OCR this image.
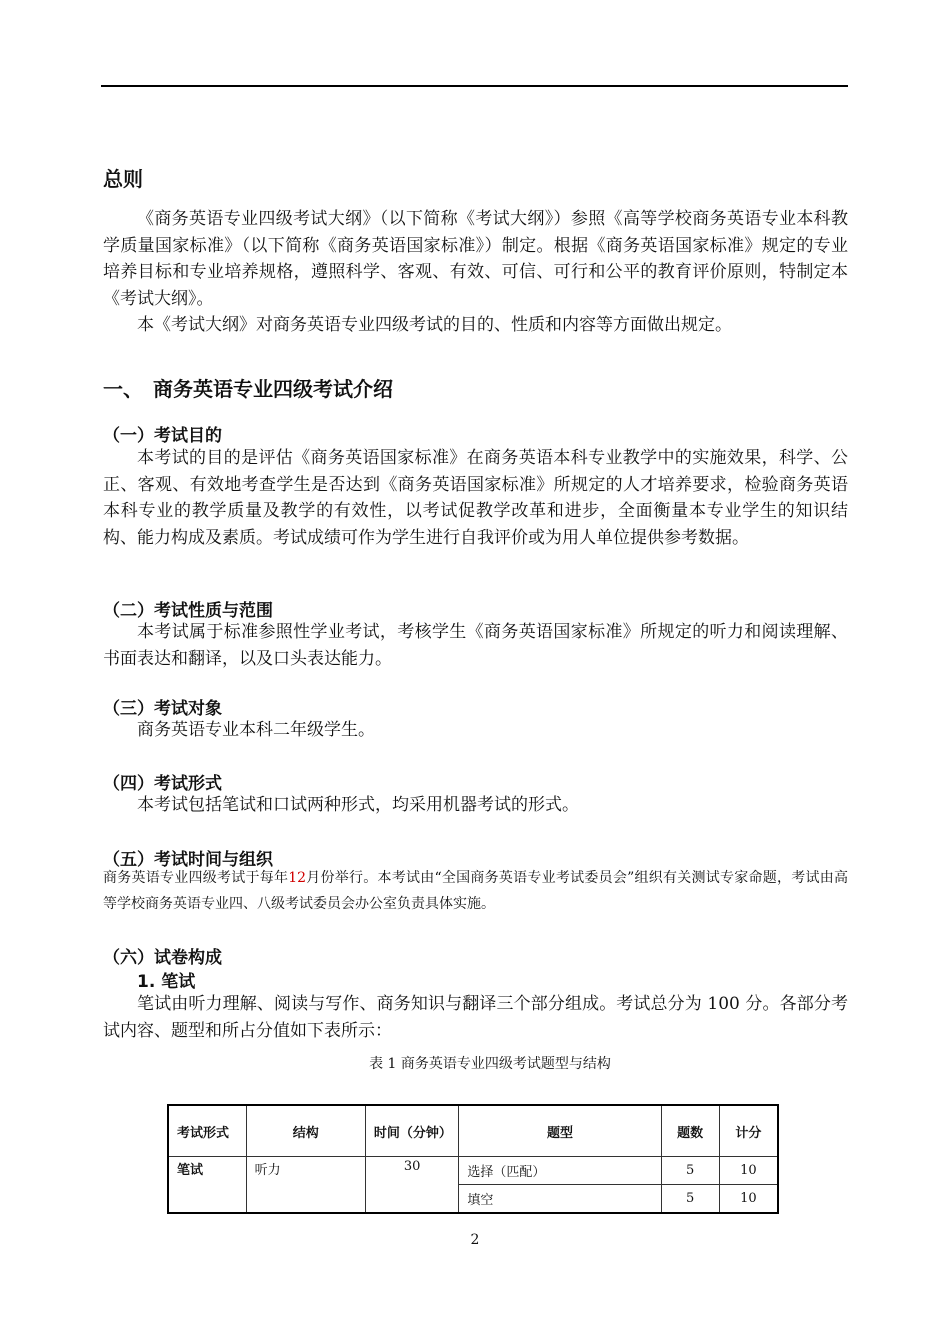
总则

《商务英语专业四级考试大纲》（以下简称《考试大纲》）参照《高等学校商务英语专业本科教学质量国家标准》（以下简称《商务英语国家标准》）制定。根据《商务英语国家标准》规定的专业培养目标和专业培养规格，遵照科学、客观、有效、可信、可行和公平的教育评价原则，特制定本《考试大纲》。

本《考试大纲》对商务英语专业四级考试的目的、性质和内容等方面做出规定。

一、　商务英语专业四级考试介绍
（一）考试目的

本考试的目的是评估《商务英语国家标准》在商务英语本科专业教学中的实施效果，科学、公正、客观、有效地考查学生是否达到《商务英语国家标准》所规定的人才培养要求，检验商务英语本科专业的教学质量及教学的有效性，以考试促教学改革和进步，全面衡量本专业学生的知识结构、能力构成及素质。考试成绩可作为学生进行自我评价或为用人单位提供参考数据。

（二）考试性质与范围

本考试属于标准参照性学业考试，考核学生《商务英语国家标准》所规定的听力和阅读理解、书面表达和翻译，以及口头表达能力。

（三）考试对象

商务英语专业本科二年级学生。

（四）考试形式

本考试包括笔试和口试两种形式，均采用机器考试的形式。

（五）考试时间与组织

商务英语专业四级考试于每年12月份举行。本考试由“全国商务英语专业考试委员会”组织有关测试专家命题，考试由高等学校商务英语专业四、八级考试委员会办公室负责具体实施。

（六）试卷构成
1. 笔试

笔试由听力理解、阅读与写作、商务知识与翻译三个部分组成。考试总分为 100 分。各部分考试内容、题型和所占分值如下表所示：

表 1 商务英语专业四级考试题型与结构
考试形式	结构	时间（分钟）	题型	题数	计分
笔试	听力	30	选择（匹配）	5	10
			填空	5	10
2
